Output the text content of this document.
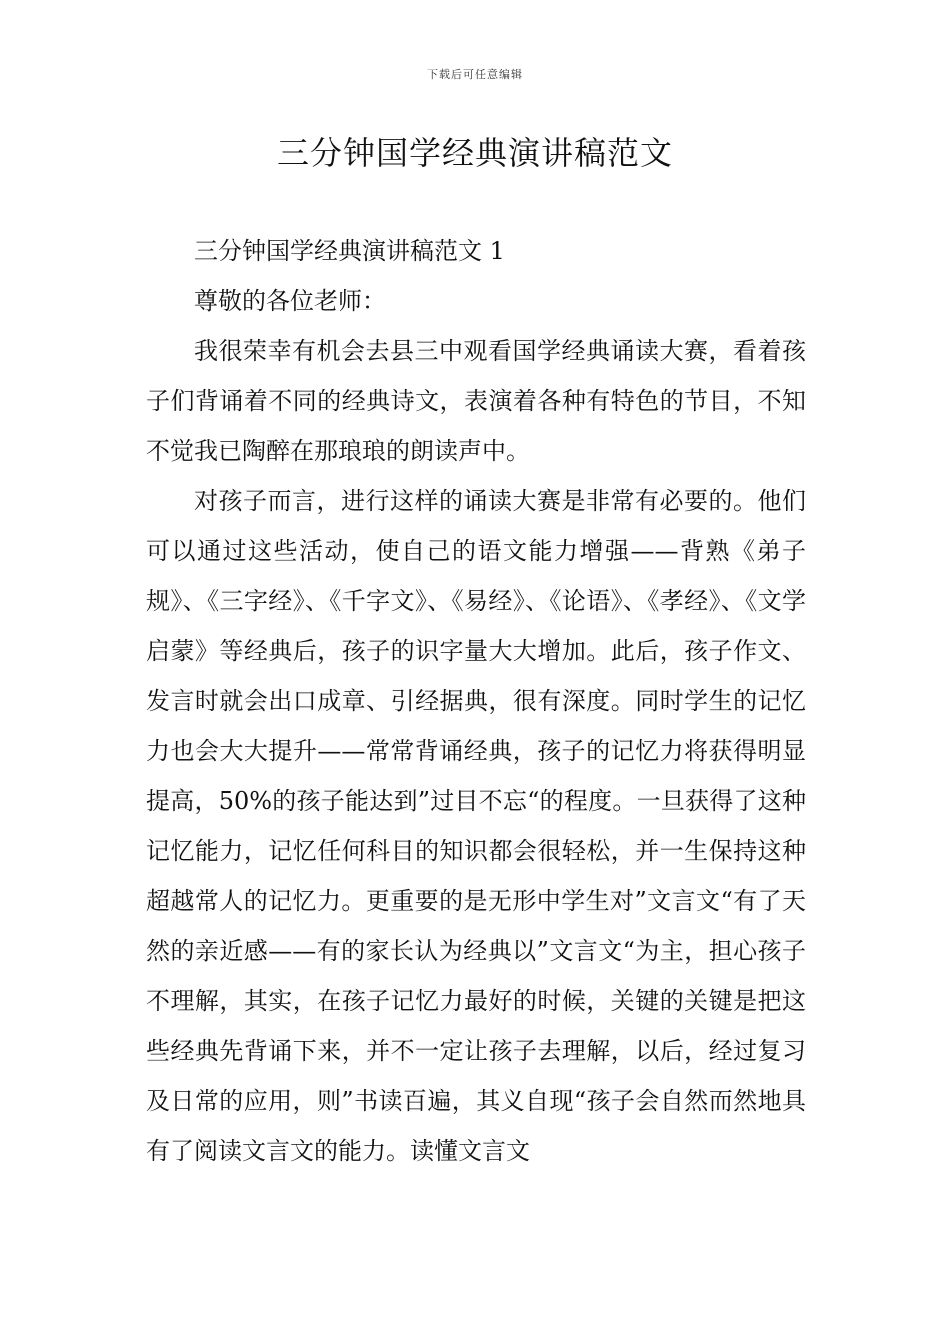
下载后可任意编辑
三分钟国学经典演讲稿范文

三分钟国学经典演讲稿范文 1

尊敬的各位老师：

我很荣幸有机会去县三中观看国学经典诵读大赛，看着孩子们背诵着不同的经典诗文，表演着各种有特色的节目，不知不觉我已陶醉在那琅琅的朗读声中。

对孩子而言，进行这样的诵读大赛是非常有必要的。他们可以通过这些活动，使自己的语文能力增强——背熟《弟子规》、《三字经》、《千字文》、《易经》、《论语》、《孝经》、《文学启蒙》等经典后，孩子的识字量大大增加。此后，孩子作文、发言时就会出口成章、引经据典，很有深度。同时学生的记忆力也会大大提升——常常背诵经典，孩子的记忆力将获得明显提高，50%的孩子能达到”过目不忘“的程度。一旦获得了这种记忆能力，记忆任何科目的知识都会很轻松，并一生保持这种超越常人的记忆力。更重要的是无形中学生对”文言文“有了天然的亲近感——有的家长认为经典以”文言文“为主，担心孩子不理解，其实，在孩子记忆力最好的时候，关键的关键是把这些经典先背诵下来，并不一定让孩子去理解，以后，经过复习及日常的应用，则”书读百遍，其义自现“孩子会自然而然地具有了阅读文言文的能力。读懂文言文
